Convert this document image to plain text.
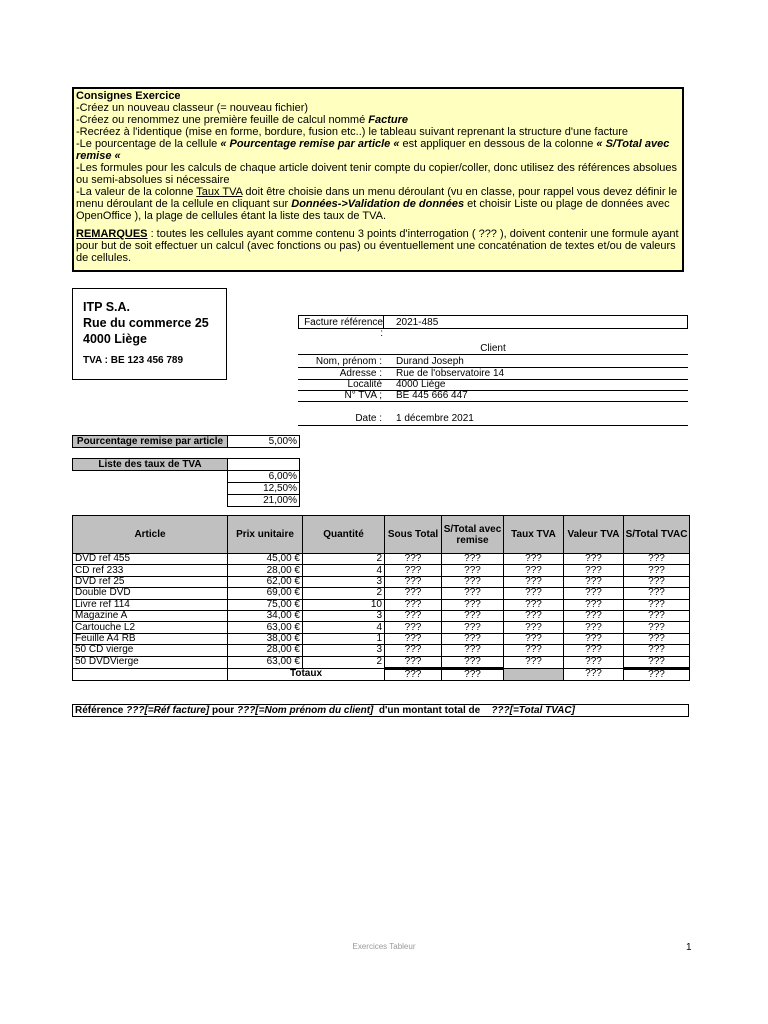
Consignes Exercice

-Créez un nouveau classeur (= nouveau fichier)

-Créez ou renommez une première feuille de calcul nommé Facture

-Recréez à l'identique (mise en forme, bordure, fusion etc..) le tableau suivant reprenant la structure d'une facture

-Le pourcentage de la cellule « Pourcentage remise par article « est appliquer en dessous de la colonne « S/Total avec remise «

-Les formules pour les calculs de chaque article doivent tenir compte du copier/coller, donc utilisez des références absolues ou semi-absolues si nécessaire

-La valeur de la colonne Taux TVA doit être choisie dans un menu déroulant (vu en classe, pour rappel vous devez définir le menu déroulant de la cellule en cliquant sur Données->Validation de données et choisir Liste ou plage de données avec OpenOffice ), la plage de cellules étant la liste des taux de TVA.

REMARQUES : toutes les cellules ayant comme contenu 3 points d'interrogation ( ??? ), doivent contenir une formule ayant pour but de soit effectuer un calcul (avec fonctions ou pas) ou éventuellement une concaténation de textes et/ou de valeurs de cellules.

ITP S.A.
Rue du commerce 25
4000 Liège
TVA : BE 123 456 789
Facture référence :
2021-485
Client
Nom, prénom : Durand Joseph
Adresse : Rue de l'observatoire 14
Localité 4000 Liège
N° TVA ; BE 445 666 447
Date : 1 décembre 2021
Pourcentage remise par article	5,00%
Liste des taux de TVA	
	6,00%
	12,50%
	21,00%
Article	Prix unitaire	Quantité	Sous Total	S/Total avec remise	Taux TVA	Valeur TVA	S/Total TVAC
DVD ref 455	45,00 €	2	???	???	???	???	???
CD ref 233	28,00 €	4	???	???	???	???	???
DVD ref 25	62,00 €	3	???	???	???	???	???
Double DVD	69,00 €	2	???	???	???	???	???
Livre ref 114	75,00 €	10	???	???	???	???	???
Magazine A	34,00 €	3	???	???	???	???	???
Cartouche L2	63,00 €	4	???	???	???	???	???
Feuille A4 RB	38,00 €	1	???	???	???	???	???
50 CD vierge	28,00 €	3	???	???	???	???	???
50 DVDVierge	63,00 €	2	???	???	???	???	???
	Totaux		???	???		???	???
Référence ???[=Réf facture] pour ???[=Nom prénom du client]  d'un montant total de    ???[=Total TVAC]
Exercices Tableur	1
